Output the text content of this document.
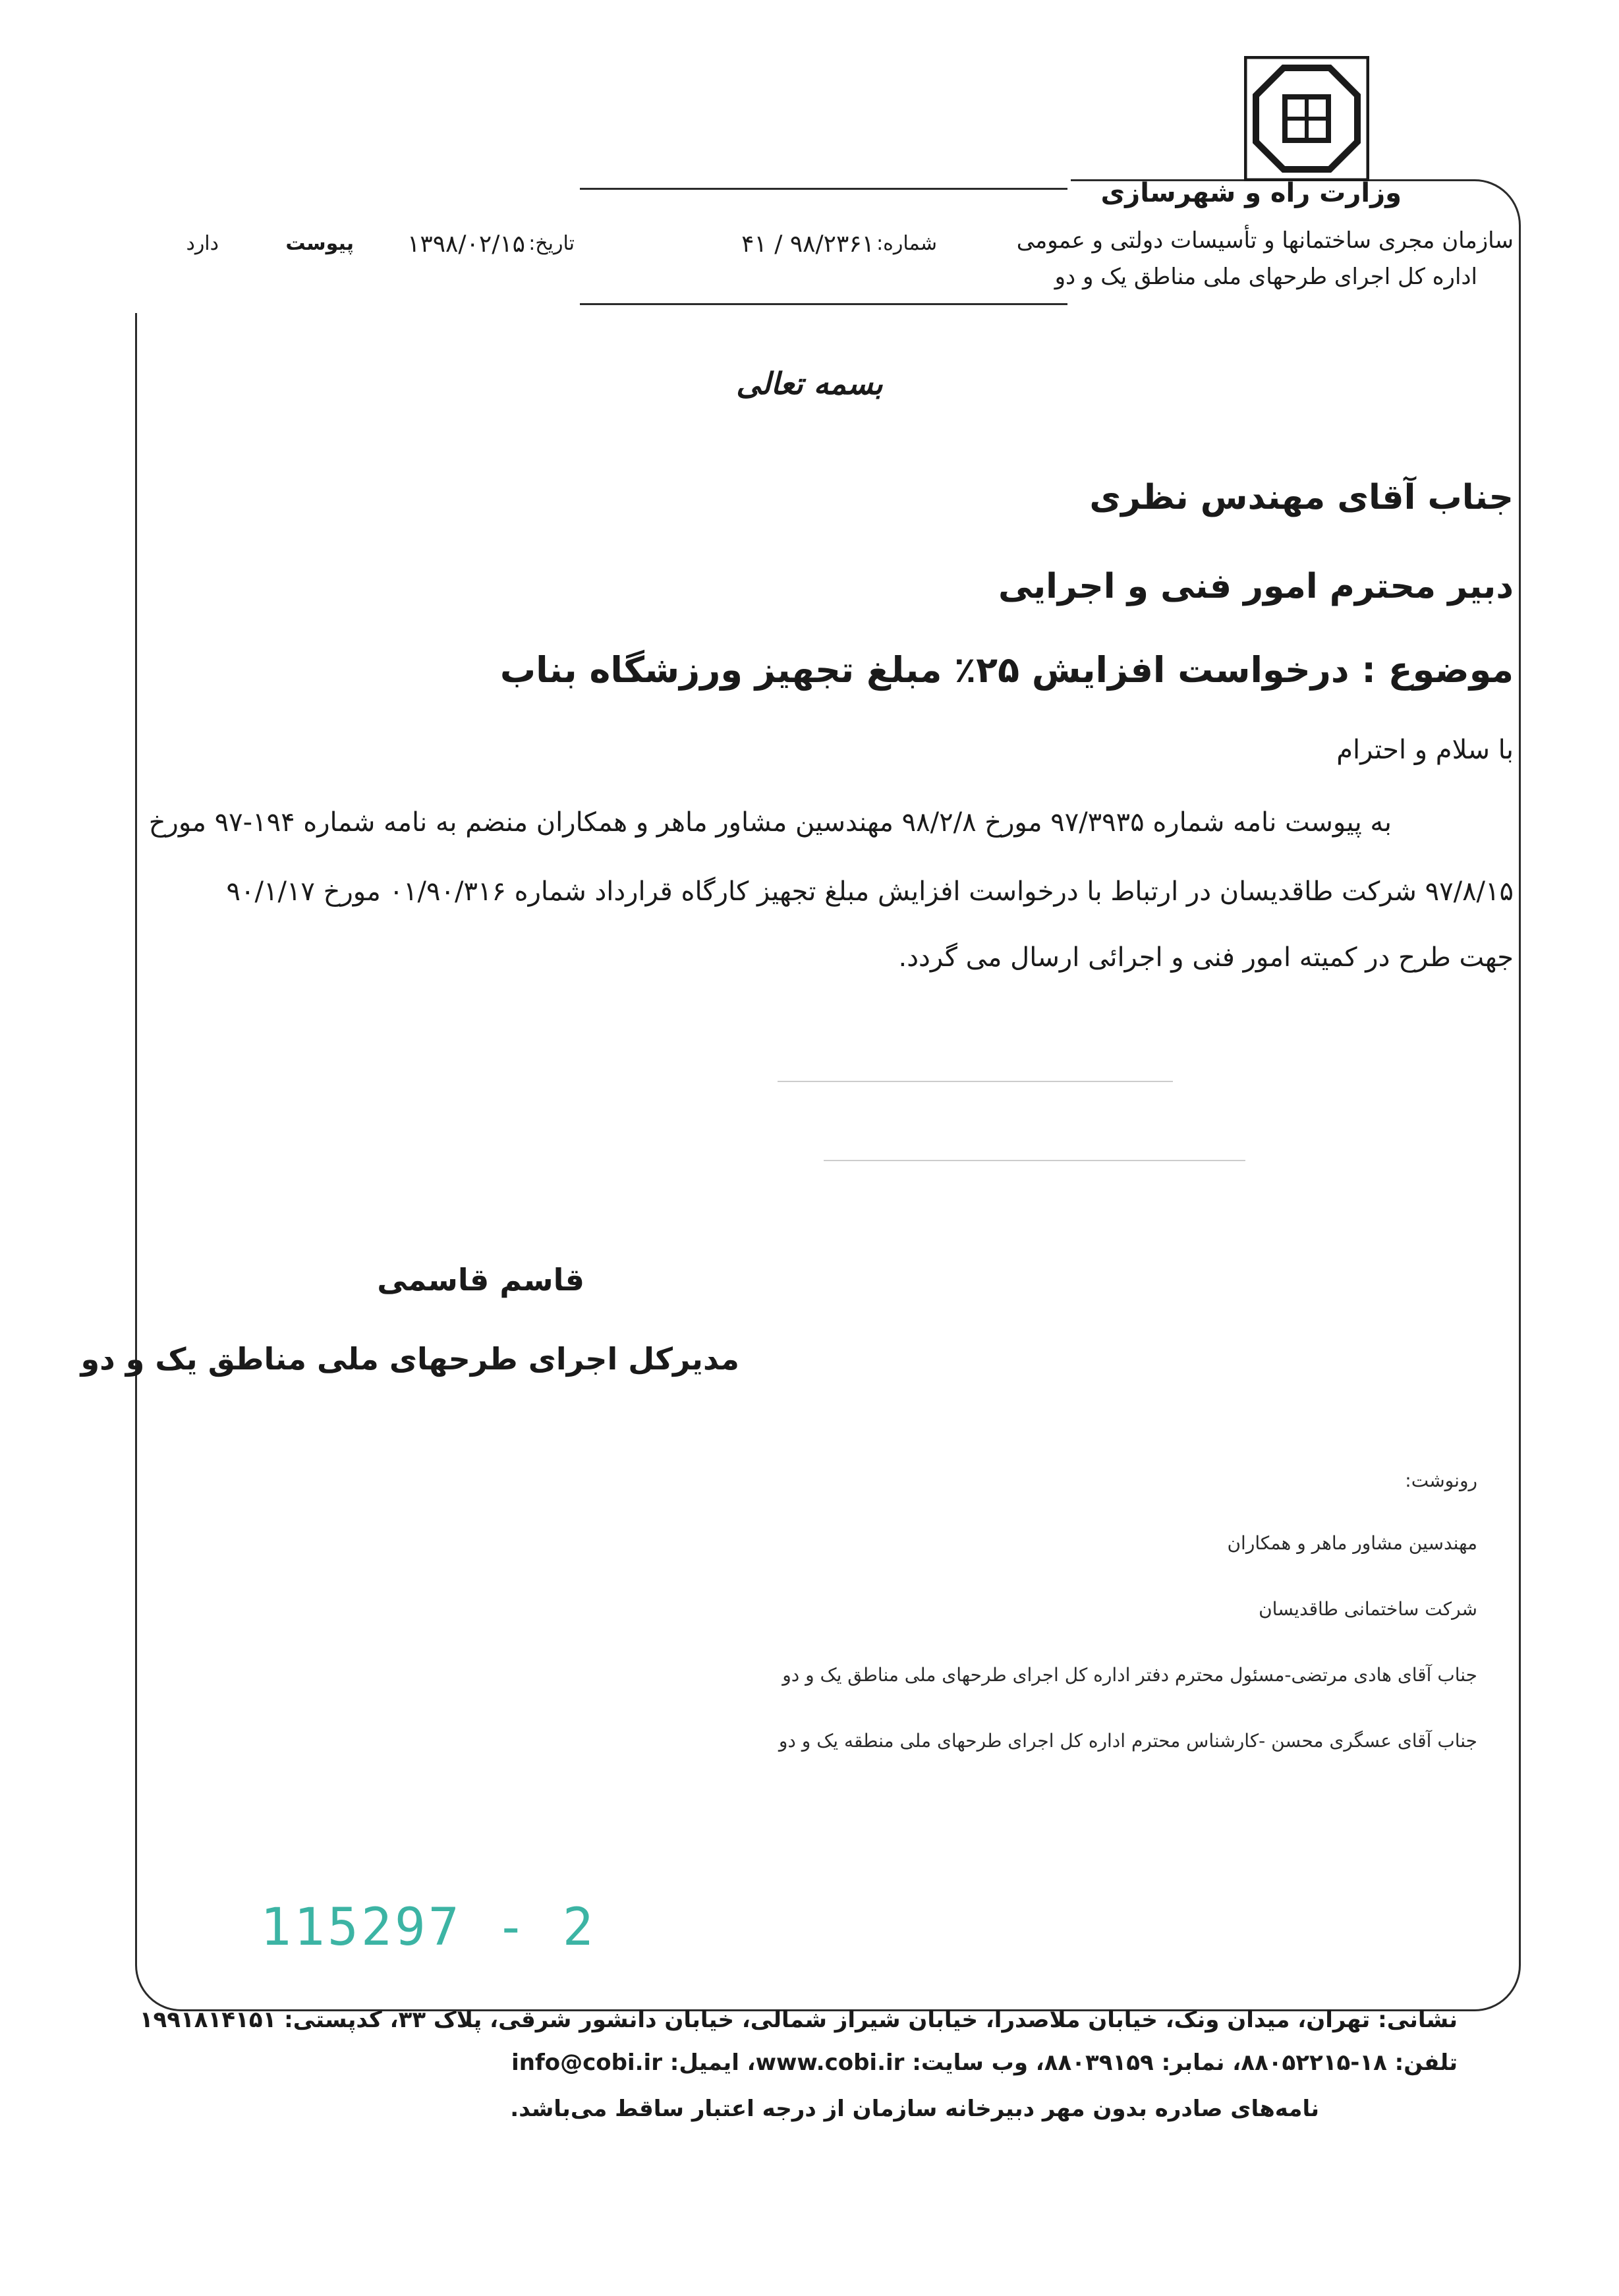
وزارت راه و شهرسازی
سازمان مجری ساختمانها و تأسیسات دولتی و عمومی
اداره کل اجرای طرحهای ملی مناطق یک و دو
شماره:
۴۱ / ۹۸/۲۳۶۱
تاریخ:
۱۳۹۸/۰۲/۱۵
پیوست
دارد
بسمه تعالی
جناب آقای مهندس نظری
دبیر محترم امور فنی و اجرایی
موضوع : درخواست افزایش ۲۵٪ مبلغ تجهیز ورزشگاه بناب
با سلام و احترام
به پیوست نامه شماره ۹۷/۳۹۳۵ مورخ ۹۸/۲/۸ مهندسین مشاور ماهر و همکاران منضم به نامه شماره ۱۹۴-۹۷ مورخ
۹۷/۸/۱۵ شرکت طاقدیسان در ارتباط با درخواست افزایش مبلغ تجهیز کارگاه قرارداد شماره ۰۱/۹۰/۳۱۶ مورخ ۹۰/۱/۱۷
جهت طرح در کمیته امور فنی و اجرائی ارسال می گردد.
قاسم قاسمی
مدیرکل اجرای طرحهای ملی مناطق یک و دو
رونوشت:
مهندسین مشاور ماهر و همکاران
شرکت ساختمانی طاقدیسان
جناب آقای هادی مرتضی-مسئول محترم دفتر اداره کل اجرای طرحهای ملی مناطق یک و دو
جناب آقای عسگری محسن -کارشناس محترم اداره کل اجرای طرحهای ملی منطقه یک و دو
115297 - 2
نشانی: تهران، میدان ونک، خیابان ملاصدرا، خیابان شیراز شمالی، خیابان دانشور شرقی، پلاک ۳۳، کدپستی: ۱۹۹۱۸۱۴۱۵۱
تلفن: ۱۸-۸۸۰۵۲۲۱۵، نمابر: ۸۸۰۳۹۱۵۹، وب سایت: www.cobi.ir، ایمیل: info@cobi.ir
نامه‌های صادره بدون مهر دبیرخانه سازمان از درجه اعتبار ساقط می‌باشد.
